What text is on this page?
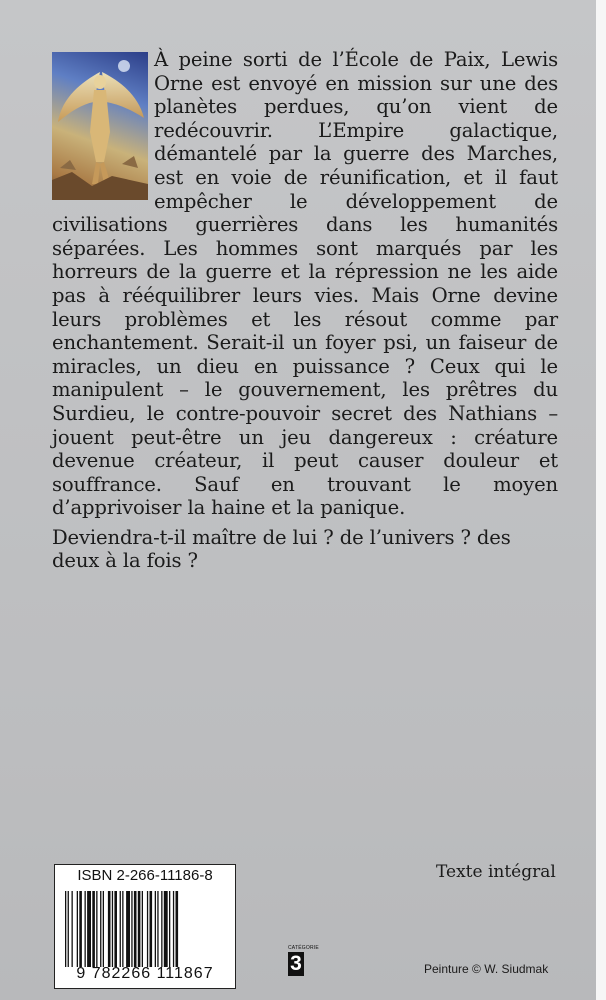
À peine sorti de l’École de Paix, Lewis Orne est envoyé en mission sur une des planètes perdues, qu’on vient de redécouvrir. L’Empire galactique, démantelé par la guerre des Marches, est en voie de réunification, et il faut empêcher le développement de civilisations guerrières dans les humanités séparées. Les hommes sont marqués par les horreurs de la guerre et la répression ne les aide pas à rééquilibrer leurs vies. Mais Orne devine leurs problèmes et les résout comme par enchantement. Serait-il un foyer psi, un faiseur de miracles, un dieu en puissance ? Ceux qui le manipulent – le gouvernement, les prêtres du Surdieu, le contre-pouvoir secret des Nathians – jouent peut-être un jeu dangereux : créature devenue créateur, il peut causer douleur et souffrance. Sauf en trouvant le moyen d’apprivoiser la haine et la panique.

Deviendra-t-il maître de lui ? de l’univers ? des deux à la fois ?

Texte intégral
ISBN 2-266-11186-8
9 782266 111867
CATÉGORIE
3	Peinture © W. Siudmak
